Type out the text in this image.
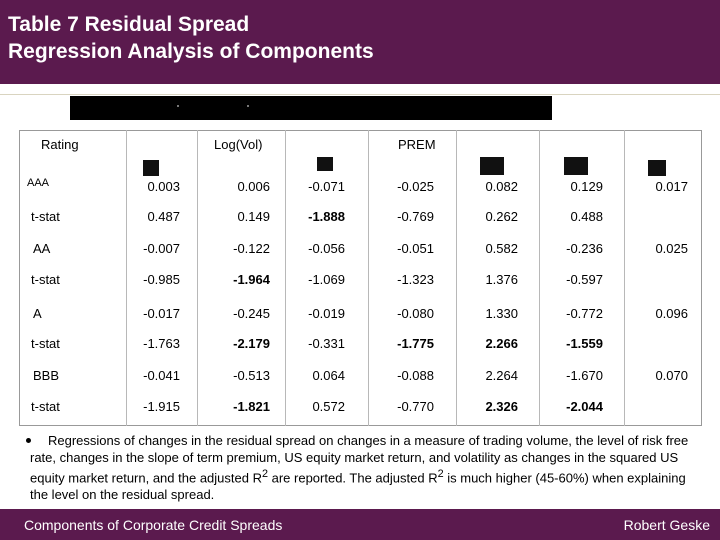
Table 7 Residual Spread
Regression Analysis of Components
Rating	Log(Vol)	PREM
AAA	0.003	0.006	-0.071	-0.025	0.082	0.129	0.017
t-stat	0.487	0.149	-1.888	-0.769	0.262	0.488
AA	-0.007	-0.122	-0.056	-0.051	0.582	-0.236	0.025
t-stat	-0.985	-1.964	-1.069	-1.323	1.376	-0.597
A	-0.017	-0.245	-0.019	-0.080	1.330	-0.772	0.096
t-stat	-1.763	-2.179	-0.331	-1.775	2.266	-1.559
BBB	-0.041	-0.513	0.064	-0.088	2.264	-1.670	0.070
t-stat	-1.915	-1.821	0.572	-0.770	2.326	-2.044

Regressions of changes in the residual spread on changes in a measure of trading volume, the level of risk free rate, changes in the slope of term premium, US equity market return, and volatility as changes in the squared US equity market return, and the adjusted $R^2$ are reported. The adjusted $R^2$ is much higher (45-60%) when explaining the level on the residual spread.

Components of Corporate Credit Spreads	Robert Geske
